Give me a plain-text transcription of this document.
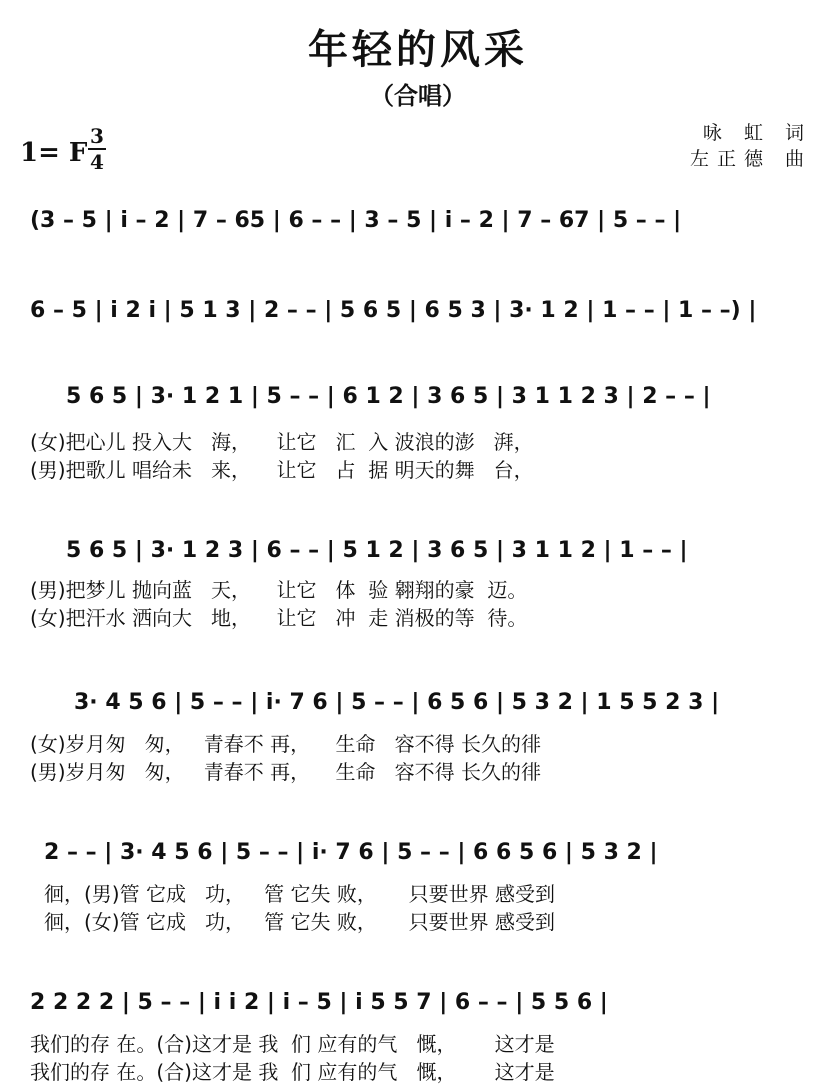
年轻的风采
（合唱）
1= F
3
4
咏 虹 词
左正德 曲
(3 – 5 | i – 2 | 7 – 65 | 6 – – | 3 – 5 | i – 2 | 7 – 67 | 5 – – |
6 – 5 | i 2 i | 5 1 3 | 2 – – | 5 6 5 | 6 5 3 | 3· 1 2 | 1 – – | 1 – –) |
5 6 5 | 3· 1 2 1 | 5 – – | 6 1 2 | 3 6 5 | 3 1 1 2 3 | 2 – – |
(女)把心儿 投入大   海，    让它   汇  入 波浪的澎   湃，
(男)把歌儿 唱给未   来，    让它   占  据 明天的舞   台，
5 6 5 | 3· 1 2 3 | 6 – – | 5 1 2 | 3 6 5 | 3 1 1 2 | 1 – – |
(男)把梦儿 抛向蓝   天，    让它   体  验 翱翔的豪  迈。
(女)把汗水 洒向大   地，    让它   冲  走 消极的等  待。
3· 4 5 6 | 5 – – | i· 7 6 | 5 – – | 6 5 6 | 5 3 2 | 1 5 5 2 3 |
(女)岁月匆   匆，   青春不 再，    生命   容不得 长久的徘
(男)岁月匆   匆，   青春不 再，    生命   容不得 长久的徘
2 – – | 3· 4 5 6 | 5 – – | i· 7 6 | 5 – – | 6 6 5 6 | 5 3 2 |
徊，(男)管 它成   功，   管 它失 败，     只要世界 感受到
徊，(女)管 它成   功，   管 它失 败，     只要世界 感受到
2 2 2 2 | 5 – – | i i 2 | i – 5 | i 5 5 7 | 6 – – | 5 5 6 |
我们的存 在。(合)这才是 我  们 应有的气   慨，      这才是
我们的存 在。(合)这才是 我  们 应有的气   慨，      这才是
